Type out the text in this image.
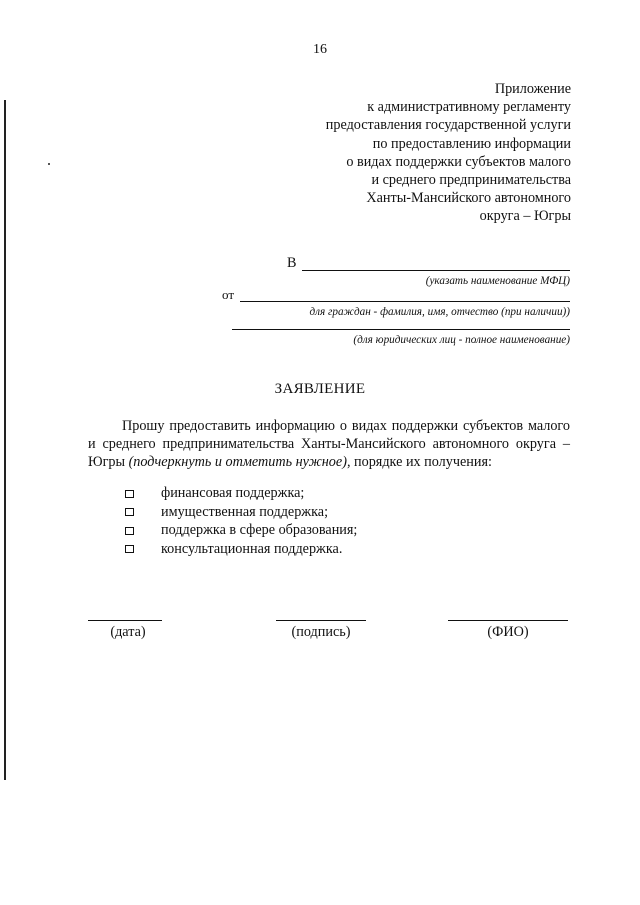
16
Приложение
к административному регламенту
предоставления государственной услуги
по предоставлению информации
о видах поддержки субъектов малого
и среднего предпринимательства
Ханты-Мансийского автономного
округа – Югры
В
(указать наименование МФЦ)
от
для граждан - фамилия, имя, отчество (при наличии))
(для юридических лиц - полное наименование)
ЗАЯВЛЕНИЕ

Прошу предоставить информацию о видах поддержки субъектов малого и среднего предпринимательства Ханты-Мансийского автономного округа – Югры (подчеркнуть и отметить нужное), порядке их получения:

финансовая поддержка;
имущественная поддержка;
поддержка в сфере образования;
консультационная поддержка.
(дата)	(подпись)	(ФИО)
